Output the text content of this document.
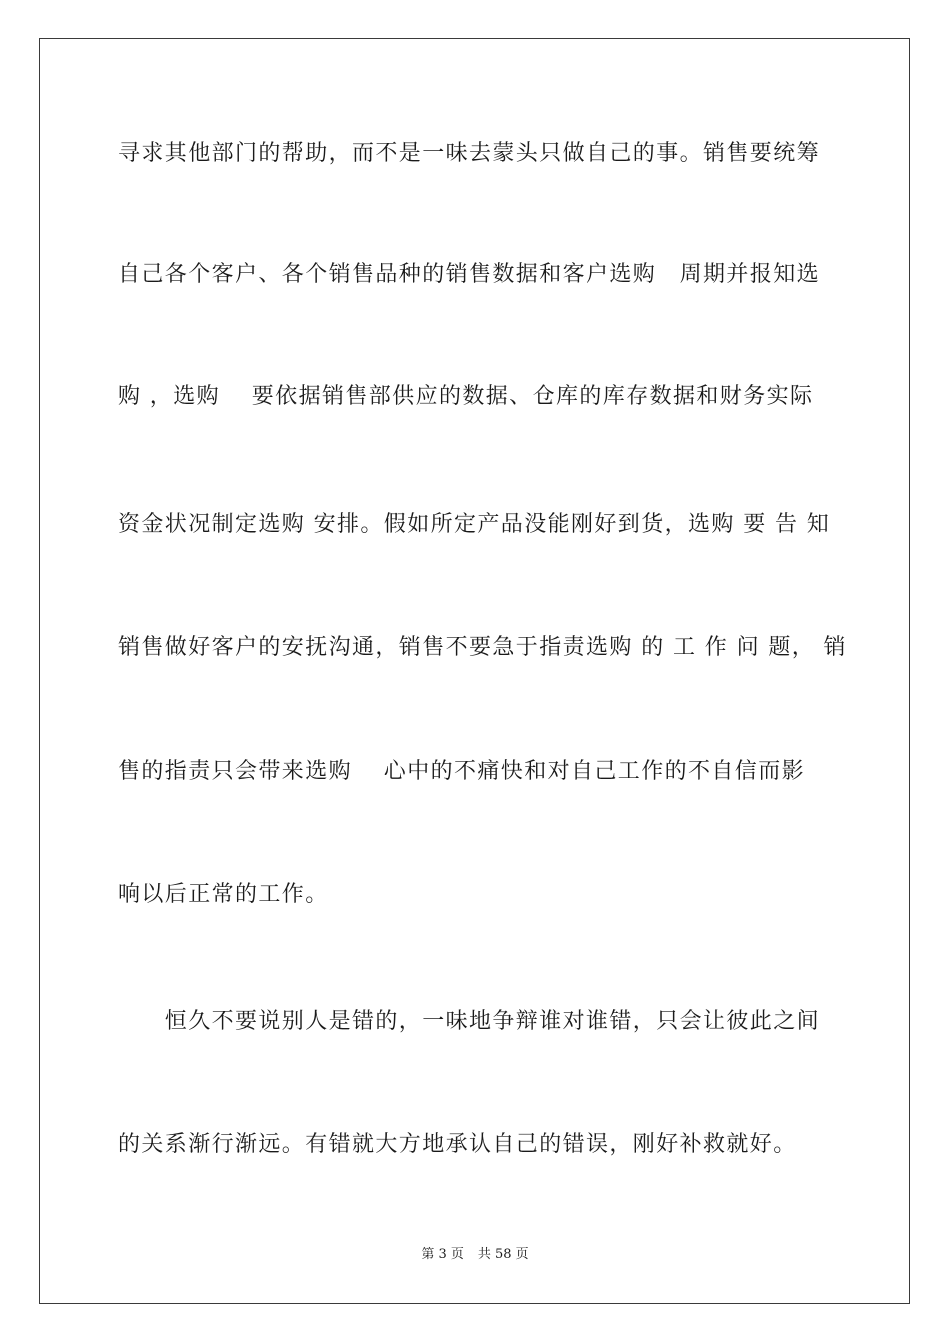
寻求其他部门的帮助，而不是一味去蒙头只做自己的事。销售要统筹
自己各个客户、各个销售品种的销售数据和客户选购　周期并报知选
购 ，选购　 要依据销售部供应的数据、仓库的库存数据和财务实际
资金状况制定选购 安排。假如所定产品没能刚好到货，选购 要 告 知
销售做好客户的安抚沟通，销售不要急于指责选购 的 工 作 问 题， 销
售的指责只会带来选购　 心中的不痛快和对自己工作的不自信而影
响以后正常的工作。
　　恒久不要说别人是错的，一味地争辩谁对谁错，只会让彼此之间
的关系渐行渐远。有错就大方地承认自己的错误，刚好补救就好。
第 3 页 共 58 页
